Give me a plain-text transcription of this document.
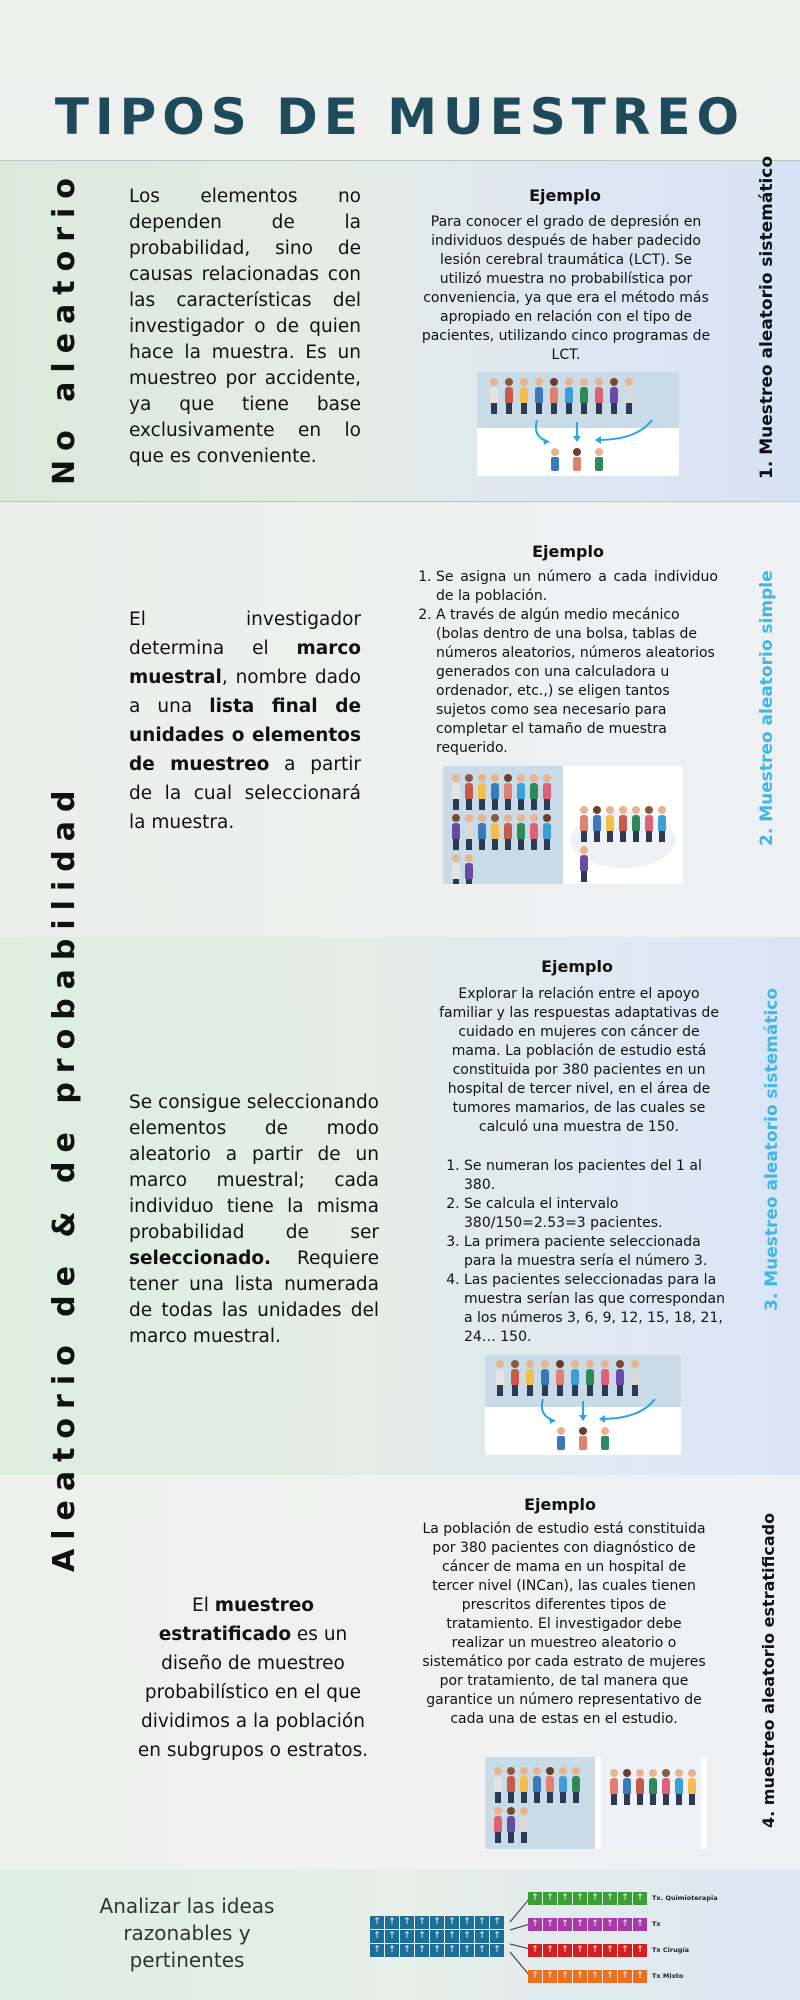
TIPOS DE MUESTREO
No aleatorio
Aleatorio de & de probabilidad
1. Muestreo aleatorio sistemático
2. Muestreo aleatorio simple
3. Muestreo aleatorio sistemático
4. muestreo aleatorio estratificado
Los elementos no dependen de la probabilidad, sino de causas relacionadas con las características del investigador o de quien hace la muestra. Es un muestreo por accidente, ya que tiene base exclusivamente en lo que es conveniente.
Ejemplo
Para conocer el grado de depresión en individuos después de haber padecido lesión cerebral traumática (LCT). Se utilizó muestra no probabilística por conveniencia, ya que era el método más apropiado en relación con el tipo de pacientes, utilizando cinco programas de LCT.
El investigador determina el marco muestral, nombre dado a una lista final de unidades o elementos de muestreo a partir de la cual seleccionará la muestra.
Ejemplo
1. Se asigna un número a cada individuo de la población.
2. A través de algún medio mecánico (bolas dentro de una bolsa, tablas de números aleatorios, números aleatorios generados con una calculadora u ordenador, etc.,) se eligen tantos sujetos como sea necesario para completar el tamaño de muestra requerido.
Se consigue seleccionando elementos de modo aleatorio a partir de un marco muestral; cada individuo tiene la misma probabilidad de ser seleccionado. Requiere tener una lista numerada de todas las unidades del marco muestral.
Ejemplo
Explorar la relación entre el apoyo familiar y las respuestas adaptativas de cuidado en mujeres con cáncer de mama. La población de estudio está constituida por 380 pacientes en un hospital de tercer nivel, en el área de tumores mamarios, de las cuales se calculó una muestra de 150.
1. Se numeran los pacientes del 1 al 380.
2. Se calcula el intervalo 380/150=2.53=3 pacientes.
3. La primera paciente seleccionada para la muestra sería el número 3.
4. Las pacientes seleccionadas para la muestra serían las que correspondan a los números 3, 6, 9, 12, 15, 18, 21, 24… 150.
El muestreo estratificado es un diseño de muestreo probabilístico en el que dividimos a la población en subgrupos o estratos.
Ejemplo
La población de estudio está constituida por 380 pacientes con diagnóstico de cáncer de mama en un hospital de tercer nivel (INCan), las cuales tienen prescritos diferentes tipos de tratamiento. El investigador debe realizar un muestreo aleatorio o sistemático por cada estrato de mujeres por tratamiento, de tal manera que garantice un número representativo de cada una de estas en el estudio.
Analizar las ideas razonables y pertinentes
↑ ↑ ↑ ↑ ↑ ↑ ↑ ↑ ↑
↑ ↑ ↑ ↑ ↑ ↑ ↑ ↑ ↑
↑ ↑ ↑ ↑ ↑ ↑ ↑ ↑ ↑
↑ ↑ ↑ ↑ ↑ ↑ ↑ ↑	Tx. Quimioterapia
↑ ↑ ↑ ↑ ↑ ↑ ↑ ↑	Tx
↑ ↑ ↑ ↑ ↑ ↑ ↑ ↑	Tx Cirugía
↑ ↑ ↑ ↑ ↑ ↑ ↑ ↑	Tx Mixto
